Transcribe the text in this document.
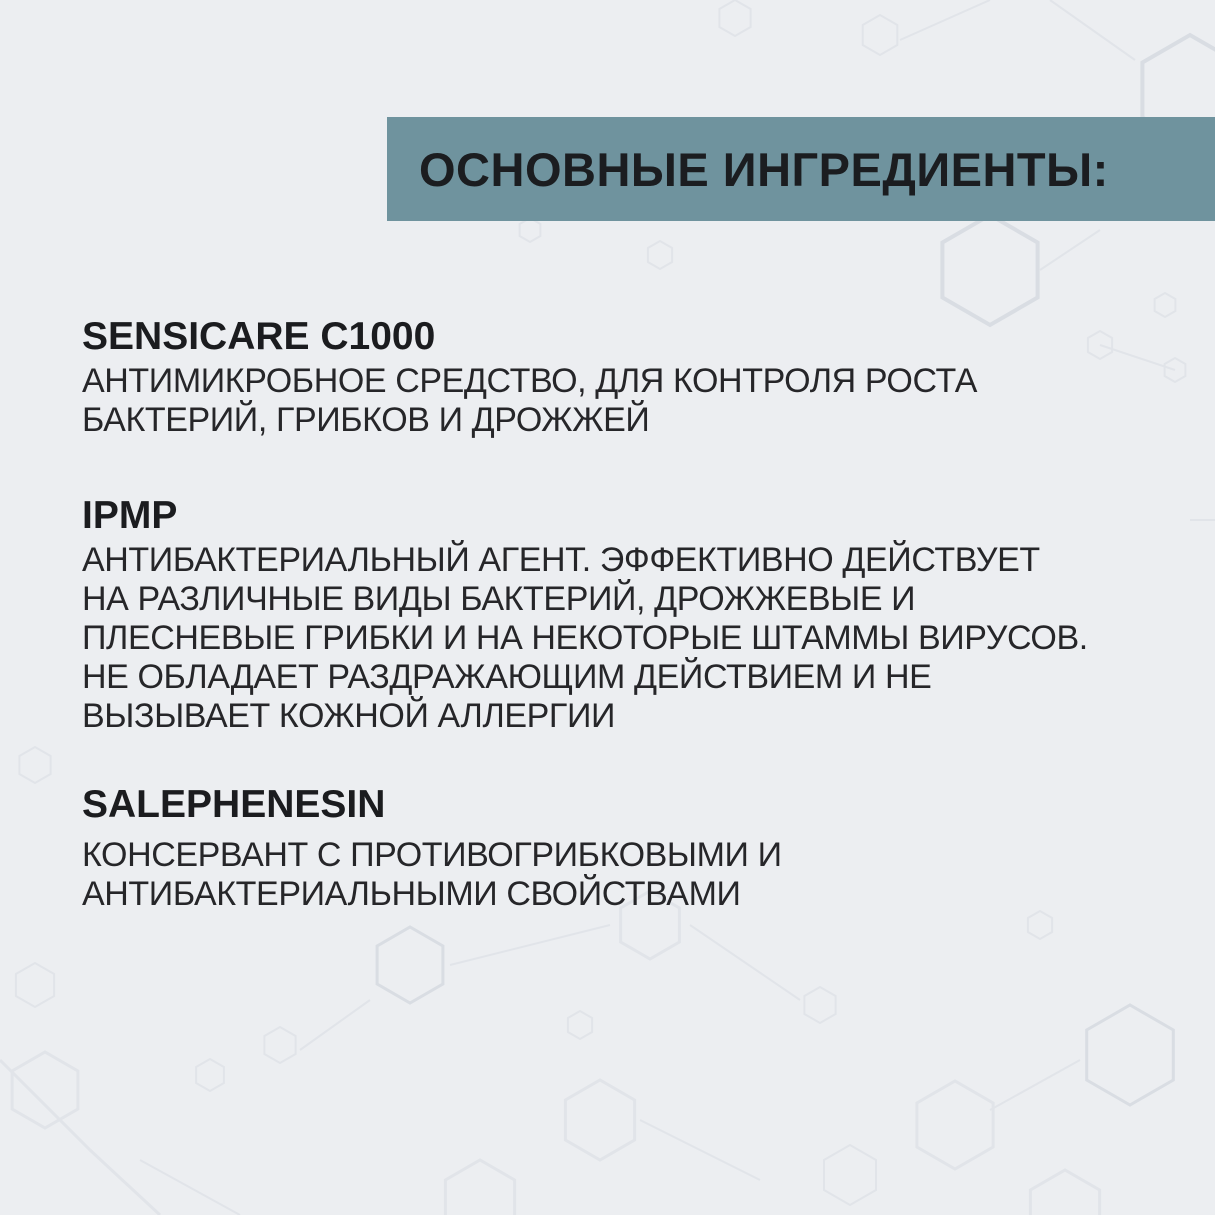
ОСНОВНЫЕ ИНГРЕДИЕНТЫ:
SENSICARE C1000
АНТИМИКРОБНОЕ СРЕДСТВО, ДЛЯ КОНТРОЛЯ РОСТА
БАКТЕРИЙ, ГРИБКОВ И ДРОЖЖЕЙ
IPMP
АНТИБАКТЕРИАЛЬНЫЙ АГЕНТ. ЭФФЕКТИВНО ДЕЙСТВУЕТ
НА РАЗЛИЧНЫЕ ВИДЫ БАКТЕРИЙ, ДРОЖЖЕВЫЕ И
ПЛЕСНЕВЫЕ ГРИБКИ И НА НЕКОТОРЫЕ ШТАММЫ ВИРУСОВ.
НЕ ОБЛАДАЕТ РАЗДРАЖАЮЩИМ ДЕЙСТВИЕМ И НЕ
ВЫЗЫВАЕТ КОЖНОЙ АЛЛЕРГИИ
SALEPHENESIN
КОНСЕРВАНТ С ПРОТИВОГРИБКОВЫМИ И
АНТИБАКТЕРИАЛЬНЫМИ СВОЙСТВАМИ
